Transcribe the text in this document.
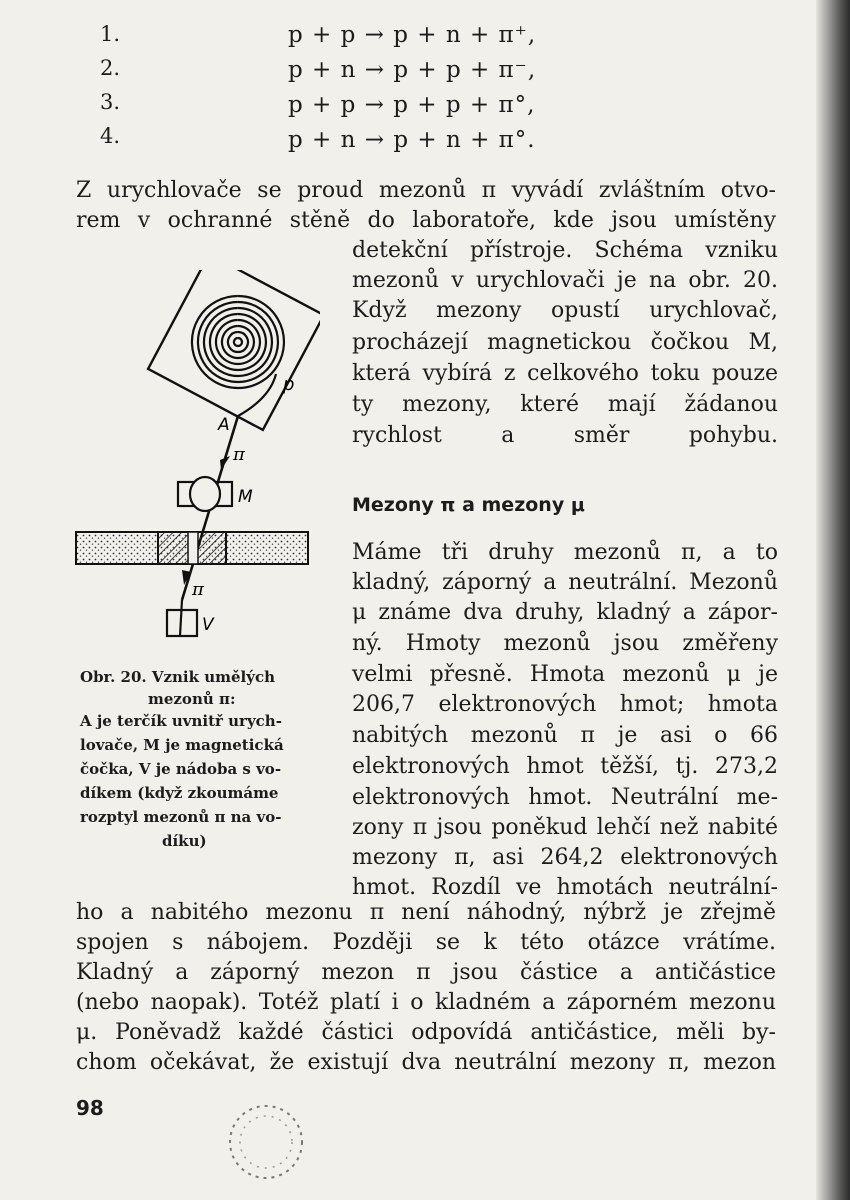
1.	p + p → p + n + π⁺,
2.	p + n → p + p + π⁻,
3.	p + p → p + p + π°,
4.	p + n → p + n + π°.
Z urychlovače se proud mezonů π vyvádí zvláštním otvo-
rem v ochranné stěně do laboratoře, kde jsou umístěny
detekční přístroje. Schéma vzniku
mezonů v urychlovači je na obr. 20.
Když mezony opustí urychlovač,
procházejí magnetickou čočkou M,
která vybírá z celkového toku pouze
ty mezony, které mají žádanou
rychlost a směr pohybu.
p
A
π
π
M
V
Obr. 20. Vznik umělých
mezonů π:
A je terčík uvnitř urych-
lovače, M je magnetická
čočka, V je nádoba s vo-
díkem (když zkoumáme
rozptyl mezonů π na vo-
díku)
Mezony π a mezony μ
Máme tři druhy mezonů π, a to
kladný, záporný a neutrální. Mezonů
μ známe dva druhy, kladný a zápor-
ný. Hmoty mezonů jsou změřeny
velmi přesně. Hmota mezonů μ je
206,7 elektronových hmot; hmota
nabitých mezonů π je asi o 66
elektronových hmot těžší, tj. 273,2
elektronových hmot. Neutrální me-
zony π jsou poněkud lehčí než nabité
mezony π, asi 264,2 elektronových
hmot. Rozdíl ve hmotách neutrální-
ho a nabitého mezonu π není náhodný, nýbrž je zřejmě
spojen s nábojem. Později se k této otázce vrátíme.
Kladný a záporný mezon π jsou částice a antičástice
(nebo naopak). Totéž platí i o kladném a záporném mezonu
μ. Poněvadž každé částici odpovídá antičástice, měli by-
chom očekávat, že existují dva neutrální mezony π, mezon
98
